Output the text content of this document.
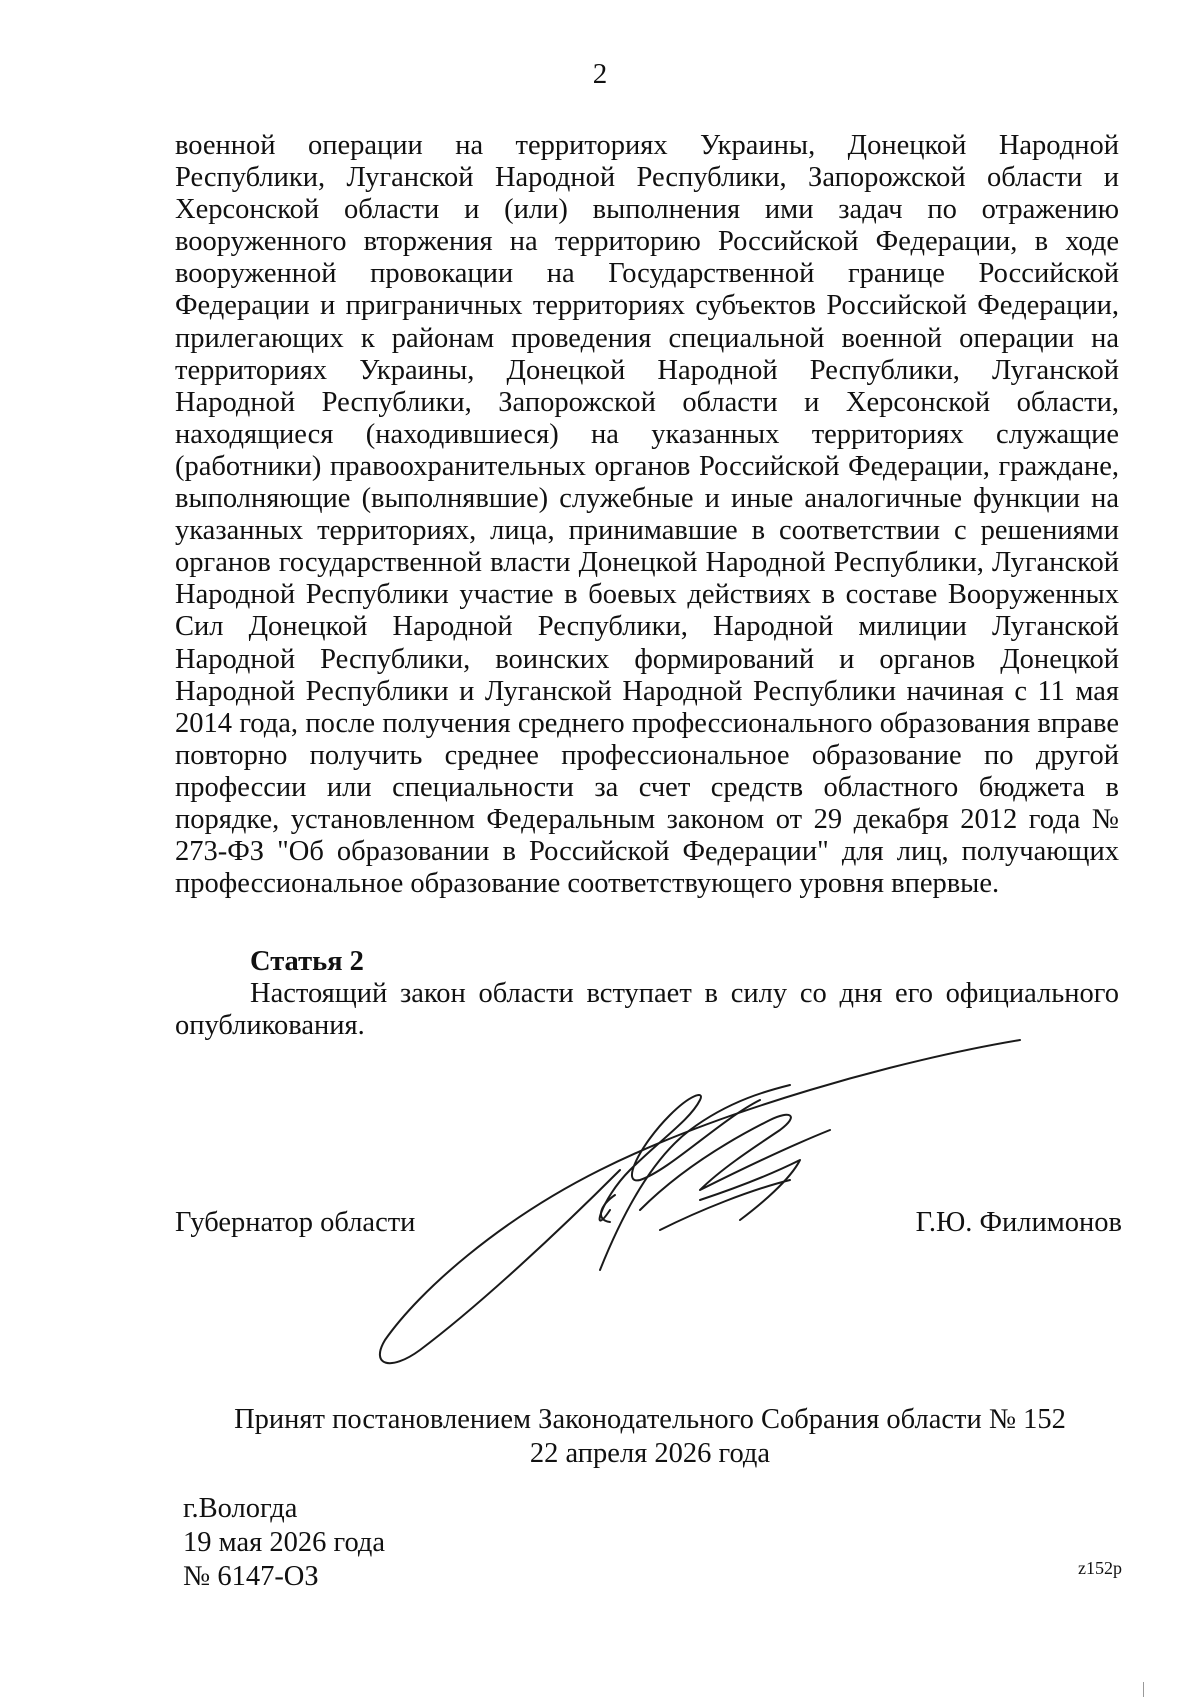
2

военной операции на территориях Украины, Донецкой Народной Республики, Луганской Народной Республики, Запорожской области и Херсонской области и (или) выполнения ими задач по отражению вооруженного вторжения на территорию Российской Федерации, в ходе вооруженной провокации на Государственной границе Российской Федерации и приграничных территориях субъектов Российской Федерации, прилегающих к районам проведения специальной военной операции на территориях Украины, Донецкой Народной Республики, Луганской Народной Республики, Запорожской области и Херсонской области, находящиеся (находившиеся) на указанных территориях служащие (работники) правоохранительных органов Российской Федерации, граждане, выполняющие (выполнявшие) служебные и иные аналогичные функции на указанных территориях, лица, принимавшие в соответствии с решениями органов государственной власти Донецкой Народной Республики, Луганской Народной Республики участие в боевых действиях в составе Вооруженных Сил Донецкой Народной Республики, Народной милиции Луганской Народной Республики, воинских формирований и органов Донецкой Народной Республики и Луганской Народной Республики начиная с 11 мая 2014 года, после получения среднего профессионального образования вправе повторно получить среднее профессиональное образование по другой профессии или специальности за счет средств областного бюджета в порядке, установленном Федеральным законом от 29 декабря 2012 года № 273-ФЗ "Об образовании в Российской Федерации" для лиц, получающих профессиональное образование соответствующего уровня впервые.

Статья 2

Настоящий закон области вступает в силу со дня его официального опубликования.

Губернатор области	Г.Ю. Филимонов
Принят постановлением Законодательного Собрания области № 152
22 апреля 2026 года
г.Вологда
19 мая 2026 года
№ 6147-ОЗ	z152р
